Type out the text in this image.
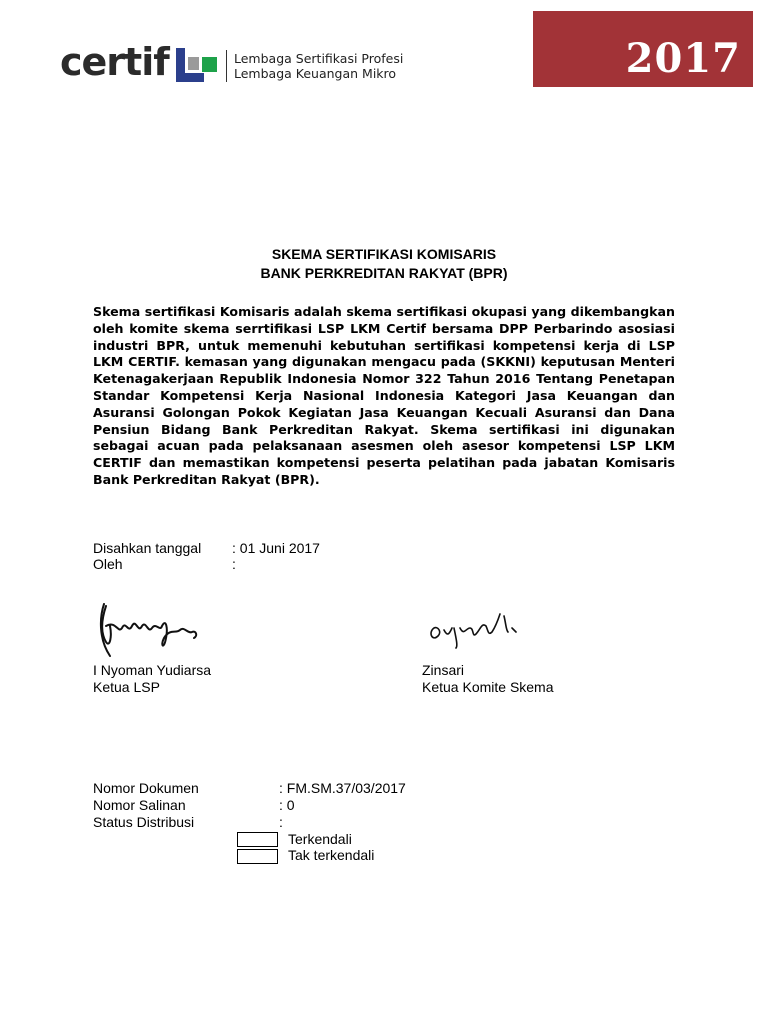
certif	Lembaga Sertifikasi Profesi
Lembaga Keuangan Mikro	2017
SKEMA SERTIFIKASI KOMISARIS
BANK PERKREDITAN RAKYAT (BPR)
Skema sertifikasi Komisaris adalah skema sertifikasi okupasi yang dikembangkan oleh komite skema serrtifikasi LSP LKM Certif bersama DPP Perbarindo asosiasi industri BPR, untuk memenuhi kebutuhan sertifikasi kompetensi kerja di LSP LKM CERTIF. kemasan yang digunakan mengacu pada (SKKNI) keputusan Menteri Ketenagakerjaan Republik Indonesia Nomor 322 Tahun 2016 Tentang Penetapan Standar Kompetensi Kerja Nasional Indonesia Kategori Jasa Keuangan dan Asuransi Golongan Pokok Kegiatan Jasa Keuangan Kecuali Asuransi dan Dana Pensiun Bidang Bank Perkreditan Rakyat. Skema sertifikasi ini digunakan sebagai acuan pada pelaksanaan asesmen oleh asesor kompetensi LSP LKM CERTIF dan memastikan kompetensi peserta pelatihan pada jabatan Komisaris Bank Perkreditan Rakyat (BPR).
Disahkan tanggal : 01 Juni 2017
Oleh	:
I Nyoman Yudiarsa
Ketua LSP
Zinsari
Ketua Komite Skema
Nomor Dokumen	: FM.SM.37/03/2017
Nomor Salinan	: 0
Status Distribusi	:
Terkendali
Tak terkendali
